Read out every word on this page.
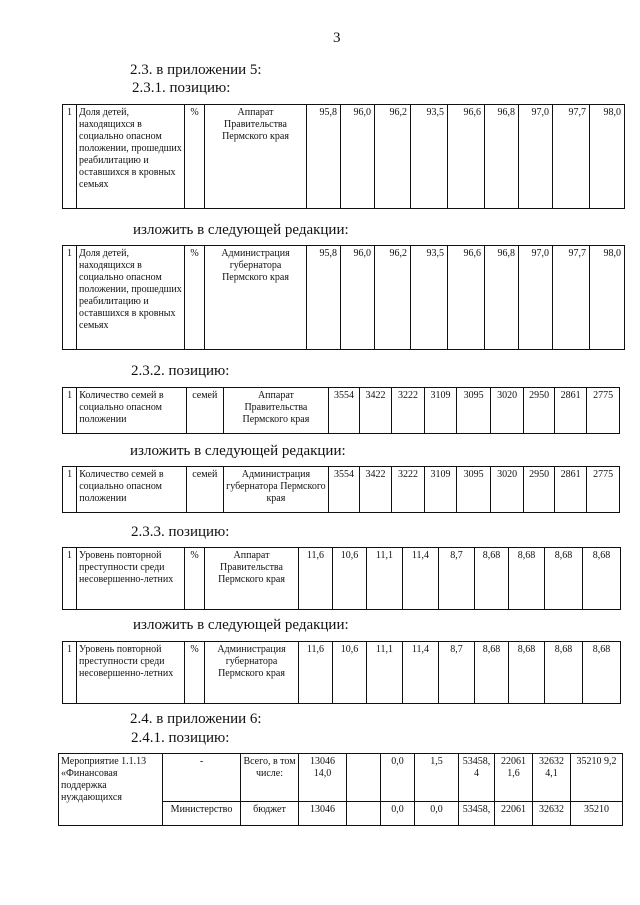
3
2.3. в приложении 5:
2.3.1. позицию:
1	Доля детей, находящихся в социально опасном положении, прошедших реабилитацию и оставшихся в кровных семьях	%	Аппарат Правительства Пермского края	95,8	96,0	96,2	93,5	96,6	96,8	97,0	97,7	98,0
изложить в следующей редакции:
1	Доля детей, находящихся в социально опасном положении, прошедших реабилитацию и оставшихся в кровных семьях	%	Администрация губернатора Пермского края	95,8	96,0	96,2	93,5	96,6	96,8	97,0	97,7	98,0
2.3.2. позицию:
1	Количество семей в социально опасном положении	семей	Аппарат Правительства Пермского края	3554	3422	3222	3109	3095	3020	2950	2861	2775
изложить в следующей редакции:
1	Количество семей в социально опасном положении	семей	Администрация губернатора Пермского края	3554	3422	3222	3109	3095	3020	2950	2861	2775
2.3.3. позицию:
1	Уровень повторной преступности среди несовершенно-летних	%	Аппарат Правительства Пермского края	11,6	10,6	11,1	11,4	8,7	8,68	8,68	8,68	8,68
изложить в следующей редакции:
1	Уровень повторной преступности среди несовершенно-летних	%	Администрация губернатора Пермского края	11,6	10,6	11,1	11,4	8,7	8,68	8,68	8,68	8,68
2.4. в приложении 6:
2.4.1. позицию:
Мероприятие 1.1.13 «Финансовая поддержка нуждающихся	-	Всего, в том числе:	13046 14,0		0,0	1,5	53458, 4	22061 1,6	32632 4,1	35210 9,2
	Министерство	бюджет	13046		0,0	0,0	53458,	22061	32632	35210
